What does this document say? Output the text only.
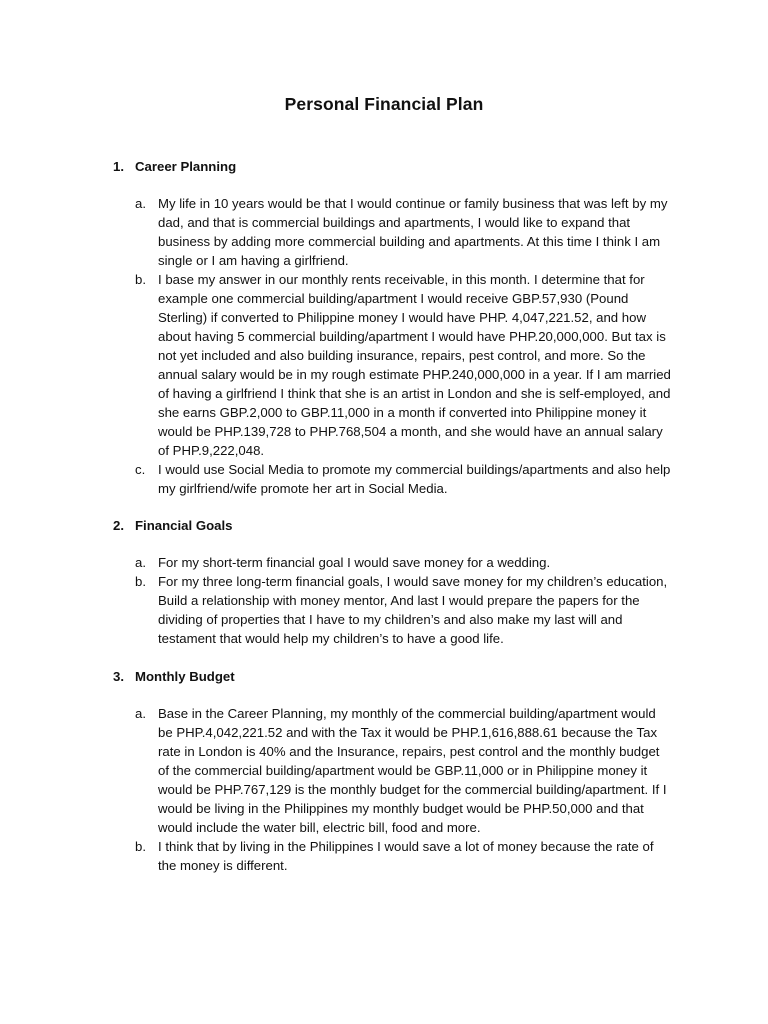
Personal Financial Plan
1. Career Planning
a. My life in 10 years would be that I would continue or family business that was left by my dad, and that is commercial buildings and apartments, I would like to expand that business by adding more commercial building and apartments. At this time I think I am single or I am having a girlfriend.
b. I base my answer in our monthly rents receivable, in this month. I determine that for example one commercial building/apartment I would receive GBP.57,930 (Pound Sterling) if converted to Philippine money I would have PHP. 4,047,221.52, and how about having 5 commercial building/apartment I would have PHP.20,000,000. But tax is not yet included and also building insurance, repairs, pest control, and more. So the annual salary would be in my rough estimate PHP.240,000,000 in a year. If I am married of having a girlfriend I think that she is an artist in London and she is self-employed, and she earns GBP.2,000 to GBP.11,000 in a month if converted into Philippine money it would be PHP.139,728 to PHP.768,504 a month, and she would have an annual salary of PHP.9,222,048.
c. I would use Social Media to promote my commercial buildings/apartments and also help my girlfriend/wife promote her art in Social Media.
2. Financial Goals
a. For my short-term financial goal I would save money for a wedding.
b. For my three long-term financial goals, I would save money for my children’s education, Build a relationship with money mentor, And last I would prepare the papers for the dividing of properties that I have to my children’s and also make my last will and testament that would help my children’s to have a good life.
3. Monthly Budget
a. Base in the Career Planning, my monthly of the commercial building/apartment would be PHP.4,042,221.52 and with the Tax it would be PHP.1,616,888.61 because the Tax rate in London is 40% and the Insurance, repairs, pest control and the monthly budget of the commercial building/apartment would be GBP.11,000 or in Philippine money it would be PHP.767,129 is the monthly budget for the commercial building/apartment. If I would be living in the Philippines my monthly budget would be PHP.50,000 and that would include the water bill, electric bill, food and more.
b. I think that by living in the Philippines I would save a lot of money because the rate of the money is different.
